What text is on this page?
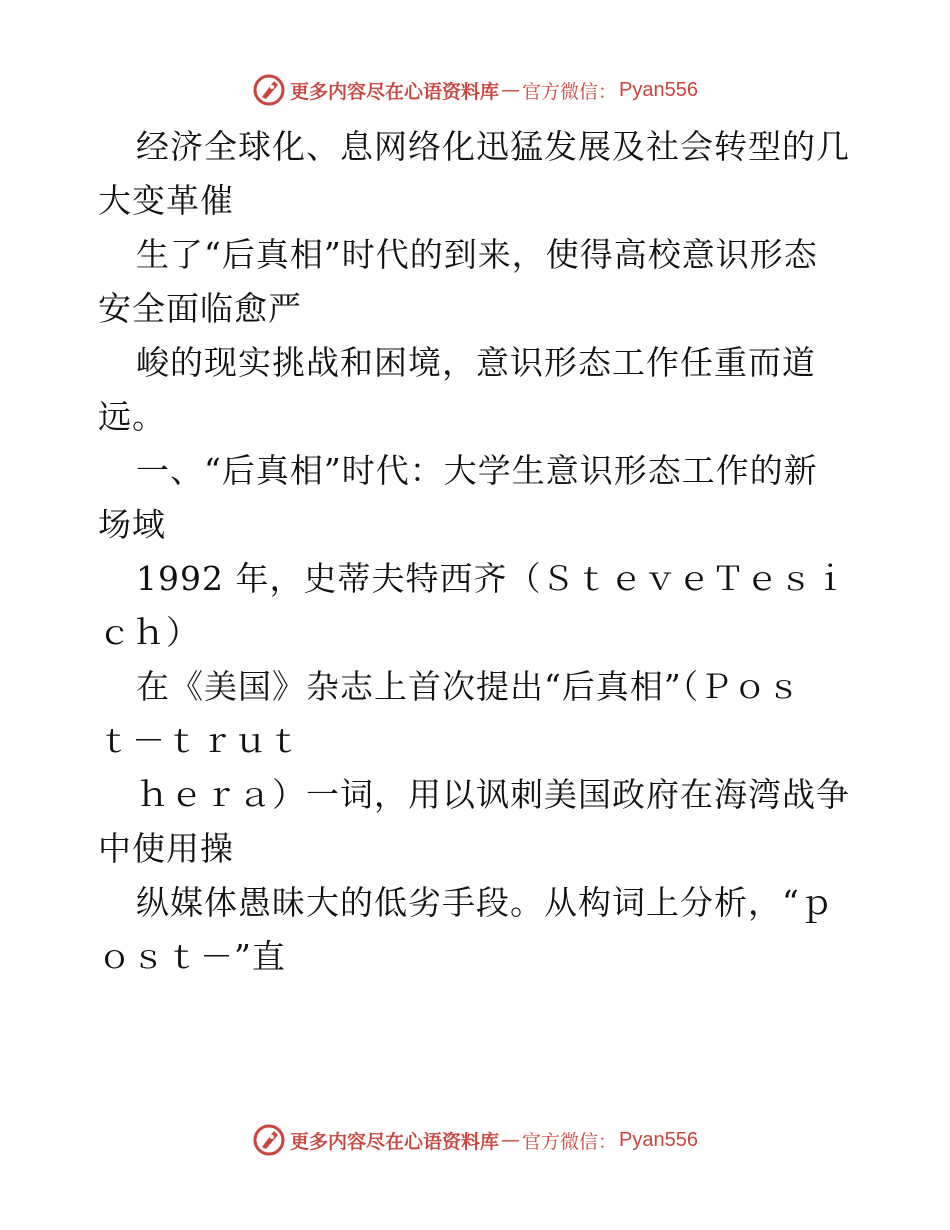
更多内容尽在心语资料库 — 官方微信： Pyan556
经济全球化、息网络化迅猛发展及社会转型的几
大变革催
生了“后真相”时代的到来，使得高校意识形态
安全面临愈严
峻的现实挑战和困境，意识形态工作任重而道
远。
一、“后真相”时代：大学生意识形态工作的新
场域
1992 年，史蒂夫特西齐（ＳｔｅｖｅＴｅｓｉ
ｃｈ）
在《美国》杂志上首次提出“后真相”（Ｐｏｓ
ｔ－ｔｒｕｔ
ｈｅｒａ）一词，用以讽刺美国政府在海湾战争
中使用操
纵媒体愚昧大的低劣手段。从构词上分析，“ｐ
ｏｓｔ－”直
更多内容尽在心语资料库 — 官方微信： Pyan556
